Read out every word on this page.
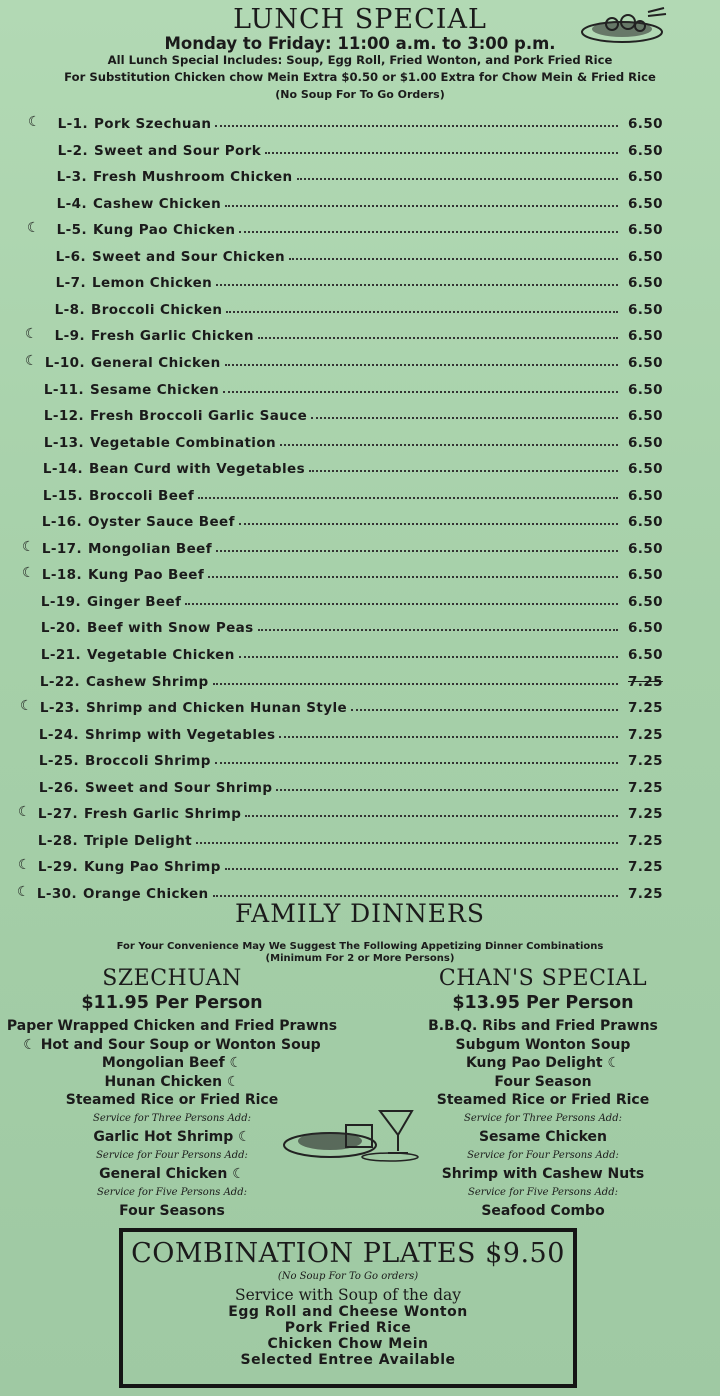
LUNCH SPECIAL
Monday to Friday: 11:00 a.m. to 3:00 p.m.
All Lunch Special Includes: Soup, Egg Roll, Fried Wonton, and Pork Fried Rice
For Substitution Chicken chow Mein Extra $0.50 or $1.00 Extra for Chow Mein & Fried Rice
(No Soup For To Go Orders)
☾	L-1. Pork Szechuan	6.50
L-2. Sweet and Sour Pork	6.50
L-3. Fresh Mushroom Chicken	6.50
L-4. Cashew Chicken	6.50
☾	L-5. Kung Pao Chicken	6.50
L-6. Sweet and Sour Chicken	6.50
L-7. Lemon Chicken	6.50
L-8. Broccoli Chicken	6.50
☾	L-9. Fresh Garlic Chicken	6.50
☾ L-10. General Chicken	6.50
L-11. Sesame Chicken	6.50
L-12. Fresh Broccoli Garlic Sauce	6.50
L-13. Vegetable Combination	6.50
L-14. Bean Curd with Vegetables	6.50
L-15. Broccoli Beef	6.50
L-16. Oyster Sauce Beef	6.50
☾ L-17. Mongolian Beef	6.50
☾ L-18. Kung Pao Beef	6.50
L-19. Ginger Beef	6.50
L-20. Beef with Snow Peas	6.50
L-21. Vegetable Chicken	6.50
L-22. Cashew Shrimp	7.25
☾ L-23. Shrimp and Chicken Hunan Style	7.25
L-24. Shrimp with Vegetables	7.25
L-25. Broccoli Shrimp	7.25
L-26. Sweet and Sour Shrimp	7.25
☾ L-27. Fresh Garlic Shrimp	7.25
L-28. Triple Delight	7.25
☾ L-29. Kung Pao Shrimp	7.25
☾ L-30. Orange Chicken	7.25
FAMILY DINNERS
For Your Convenience May We Suggest The Following Appetizing Dinner Combinations
(Minimum For 2 or More Persons)
SZECHUAN
$11.95 Per Person
Paper Wrapped Chicken and Fried Prawns
☾ Hot and Sour Soup or Wonton Soup
Mongolian Beef ☾
Hunan Chicken ☾
Steamed Rice or Fried Rice
Service for Three Persons Add:
Garlic Hot Shrimp ☾
Service for Four Persons Add:
General Chicken ☾
Service for Five Persons Add:
Four Seasons
CHAN'S SPECIAL
$13.95 Per Person
B.B.Q. Ribs and Fried Prawns
Subgum Wonton Soup
Kung Pao Delight ☾
Four Season
Steamed Rice or Fried Rice
Service for Three Persons Add:
Sesame Chicken
Service for Four Persons Add:
Shrimp with Cashew Nuts
Service for Five Persons Add:
Seafood Combo
COMBINATION PLATES $9.50
(No Soup For To Go orders)
Service with Soup of the day
Egg Roll and Cheese Wonton
Pork Fried Rice
Chicken Chow Mein
Selected Entree Available
